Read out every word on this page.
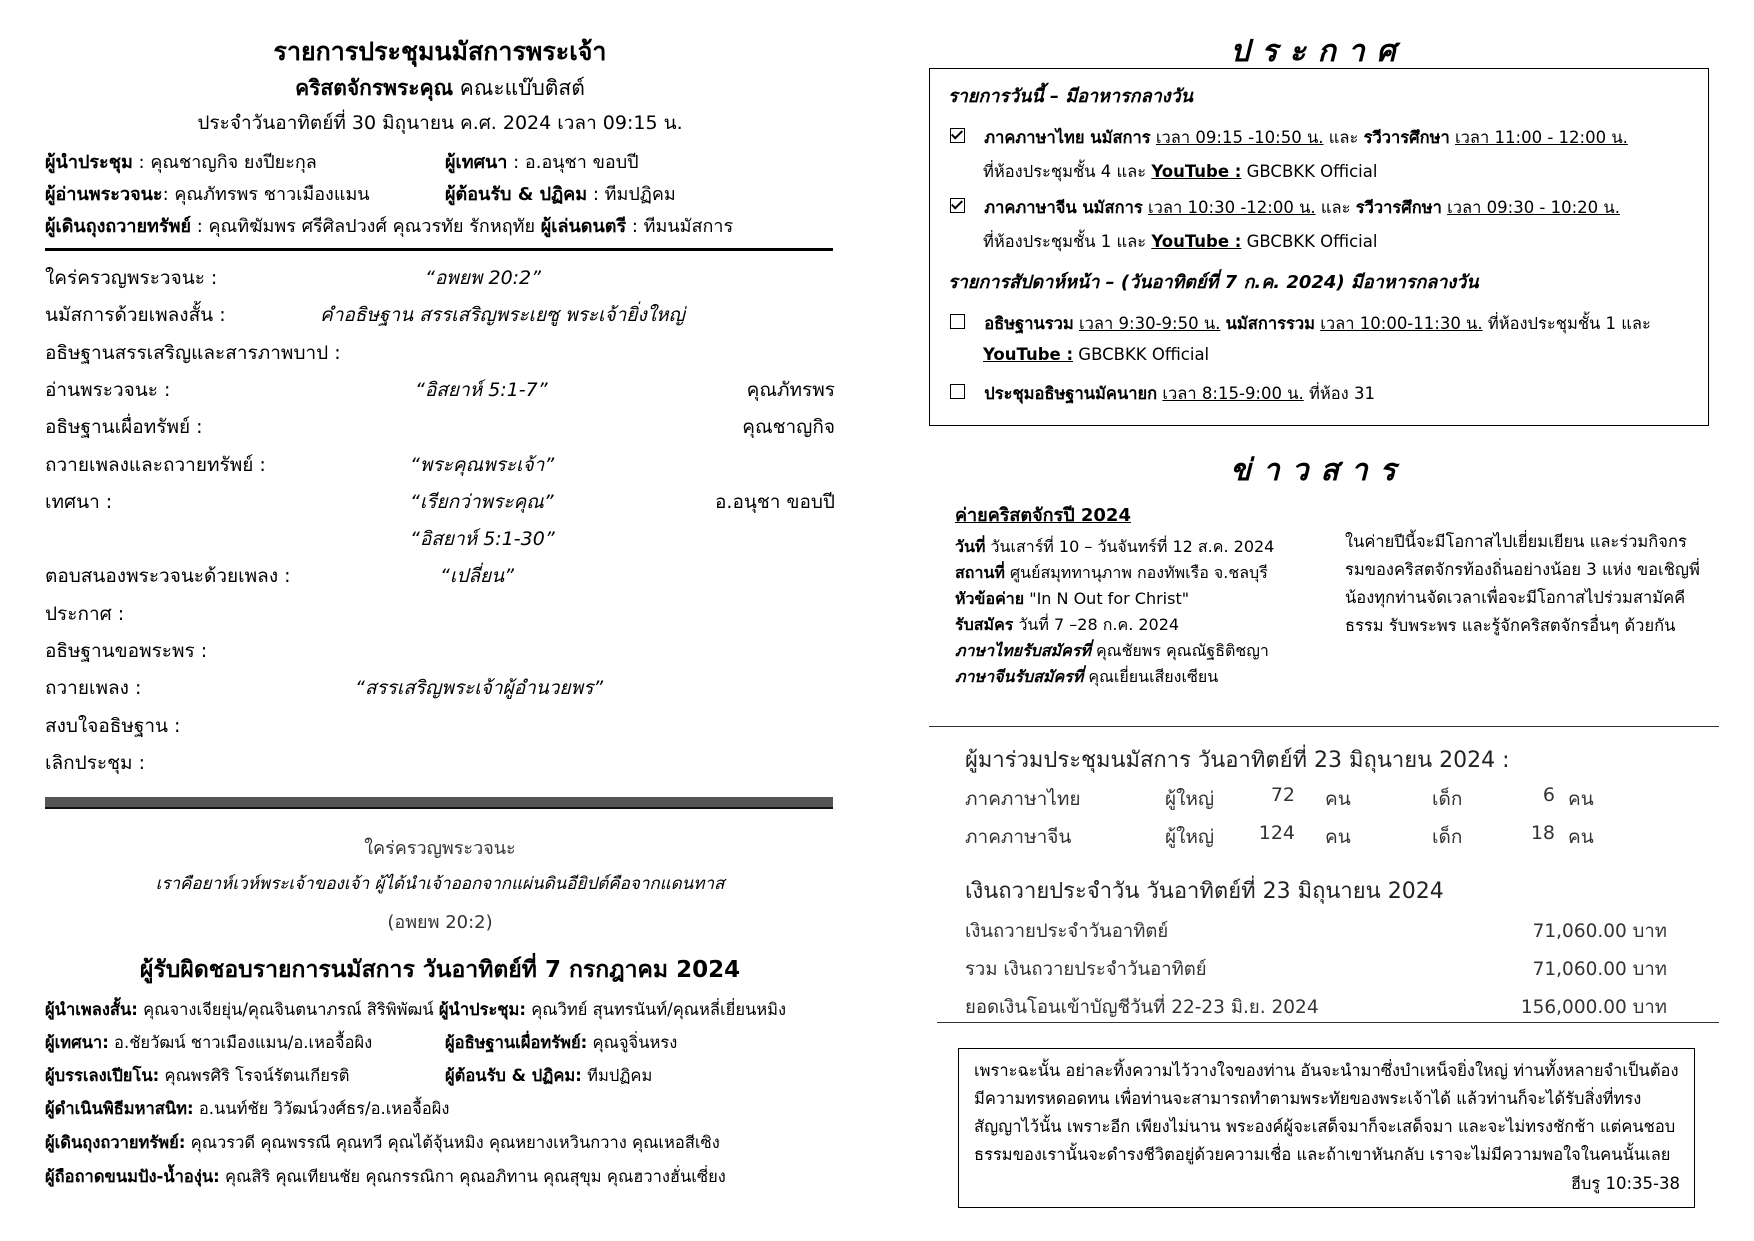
รายการประชุมนมัสการพระเจ้า
คริสตจักรพระคุณ คณะแบ๊บติสต์
ประจำวันอาทิตย์ที่ 30 มิถุนายน ค.ศ. 2024 เวลา 09:15 น.
ผู้นำประชุม : คุณชาญกิจ ยงปียะกุล	ผู้เทศนา : อ.อนุชา ขอบปี
ผู้อ่านพระวจนะ: คุณภัทรพร ชาวเมืองแมน	ผู้ต้อนรับ & ปฏิคม : ทีมปฏิคม
ผู้เดินถุงถวายทรัพย์ : คุณทิฆัมพร ศรีศิลปวงศ์ คุณวรทัย รักหฤทัย ผู้เล่นดนตรี : ทีมนมัสการ
ใคร่ครวญพระวจนะ :	“อพยพ 20:2”
นมัสการด้วยเพลงสั้น :	คำอธิษฐาน สรรเสริญพระเยซู พระเจ้ายิ่งใหญ่
อธิษฐานสรรเสริญและสารภาพบาป :
อ่านพระวจนะ :	“อิสยาห์ 5:1-7”	คุณภัทรพร
อธิษฐานเผื่อทรัพย์ :	คุณชาญกิจ
ถวายเพลงและถวายทรัพย์ :	“พระคุณพระเจ้า”
เทศนา :	“เรียกว่าพระคุณ”	อ.อนุชา ขอบปี
“อิสยาห์ 5:1-30”
ตอบสนองพระวจนะด้วยเพลง :	“เปลี่ยน”
ประกาศ :
อธิษฐานขอพระพร :
ถวายเพลง :	“สรรเสริญพระเจ้าผู้อำนวยพร”
สงบใจอธิษฐาน :
เลิกประชุม :
ใคร่ครวญพระวจนะ
เราคือยาห์เวห์พระเจ้าของเจ้า ผู้ได้นำเจ้าออกจากแผ่นดินอียิปต์คือจากแดนทาส
(อพยพ 20:2)
ผู้รับผิดชอบรายการนมัสการ วันอาทิตย์ที่ 7 กรกฎาคม 2024
ผู้นำเพลงสั้น: คุณจางเจียยุ่น/คุณจินตนาภรณ์ สิริพิพัฒน์ ผู้นำประชุม: คุณวิทย์ สุนทรนันท์/คุณหลี่เยี่ยนหมิง
ผู้เทศนา: อ.ชัยวัฒน์ ชาวเมืองแมน/อ.เหอจื้อผิง	ผู้อธิษฐานเผื่อทรัพย์: คุณจูจิ่นหรง
ผู้บรรเลงเปียโน: คุณพรศิริ โรจน์รัตนเกียรติ	ผู้ต้อนรับ & ปฏิคม: ทีมปฏิคม
ผู้ดำเนินพิธีมหาสนิท: อ.นนท์ชัย วิวัฒน์วงศ์ธร/อ.เหอจื้อผิง
ผู้เดินถุงถวายทรัพย์: คุณวรวดี คุณพรรณี คุณทวี คุณไต้จุ้นหมิง คุณหยางเหวินกวาง คุณเหอสีเซิง
ผู้ถือถาดขนมปัง-น้ำองุ่น: คุณสิริ คุณเทียนชัย คุณกรรณิกา คุณอภิทาน คุณสุขุม คุณฮวางฮั่นเซี่ยง
ประกาศ
รายการวันนี้ – มีอาหารกลางวัน
ภาคภาษาไทย นมัสการ เวลา 09:15 -10:50 น. และ รวีวารศึกษา เวลา 11:00 - 12:00 น.
ที่ห้องประชุมชั้น 4 และ YouTube : GBCBKK Official
ภาคภาษาจีน นมัสการ เวลา 10:30 -12:00 น. และ รวีวารศึกษา เวลา 09:30 - 10:20 น.
ที่ห้องประชุมชั้น 1 และ YouTube : GBCBKK Official
รายการสัปดาห์หน้า – (วันอาทิตย์ที่ 7 ก.ค. 2024) มีอาหารกลางวัน
อธิษฐานรวม เวลา 9:30-9:50 น. นมัสการรวม เวลา 10:00-11:30 น. ที่ห้องประชุมชั้น 1 และ
YouTube : GBCBKK Official
ประชุมอธิษฐานมัคนายก เวลา 8:15-9:00 น. ที่ห้อง 31
ข่าวสาร
ค่ายคริสตจักรปี 2024
วันที่ วันเสาร์ที่ 10 – วันจันทร์ที่ 12 ส.ค. 2024
สถานที่ ศูนย์สมุททานุภาพ กองทัพเรือ จ.ชลบุรี
หัวข้อค่าย "In N Out for Christ"
รับสมัคร วันที่ 7 –28 ก.ค. 2024
ภาษาไทยรับสมัครที่ คุณชัยพร คุณณัฐธิติชญา
ภาษาจีนรับสมัครที่ คุณเยี่ยนเสียงเซียน
ในค่ายปีนี้จะมีโอกาสไปเยี่ยมเยียน และร่วมกิจกรรมของคริสตจักรท้องถิ่นอย่างน้อย 3 แห่ง ขอเชิญพี่น้องทุกท่านจัดเวลาเพื่อจะมีโอกาสไปร่วมสามัคคีธรรม รับพระพร และรู้จักคริสตจักรอื่นๆ ด้วยกัน
ผู้มาร่วมประชุมนมัสการ วันอาทิตย์ที่ 23 มิถุนายน 2024 :
ภาคภาษาไทย	ผู้ใหญ่	72 คน	เด็ก	6 คน
ภาคภาษาจีน	ผู้ใหญ่	124 คน	เด็ก	18 คน
เงินถวายประจำวัน วันอาทิตย์ที่ 23 มิถุนายน 2024
เงินถวายประจำวันอาทิตย์	71,060.00 บาท
รวม เงินถวายประจำวันอาทิตย์	71,060.00 บาท
ยอดเงินโอนเข้าบัญชีวันที่ 22-23 มิ.ย. 2024	156,000.00 บาท
เพราะฉะนั้น อย่าละทิ้งความไว้วางใจของท่าน อันจะนำมาซึ่งบำเหน็จยิ่งใหญ่ ท่านทั้งหลายจำเป็นต้องมีความทรหดอดทน เพื่อท่านจะสามารถทำตามพระทัยของพระเจ้าได้ แล้วท่านก็จะได้รับสิ่งที่ทรงสัญญาไว้นั้น เพราะอีก เพียงไม่นาน พระองค์ผู้จะเสด็จมาก็จะเสด็จมา และจะไม่ทรงชักช้า แต่คนชอบธรรมของเรานั้นจะดำรงชีวิตอยู่ด้วยความเชื่อ และถ้าเขาหันกลับ เราจะไม่มีความพอใจในคนนั้นเลย
ฮีบรู 10:35-38
